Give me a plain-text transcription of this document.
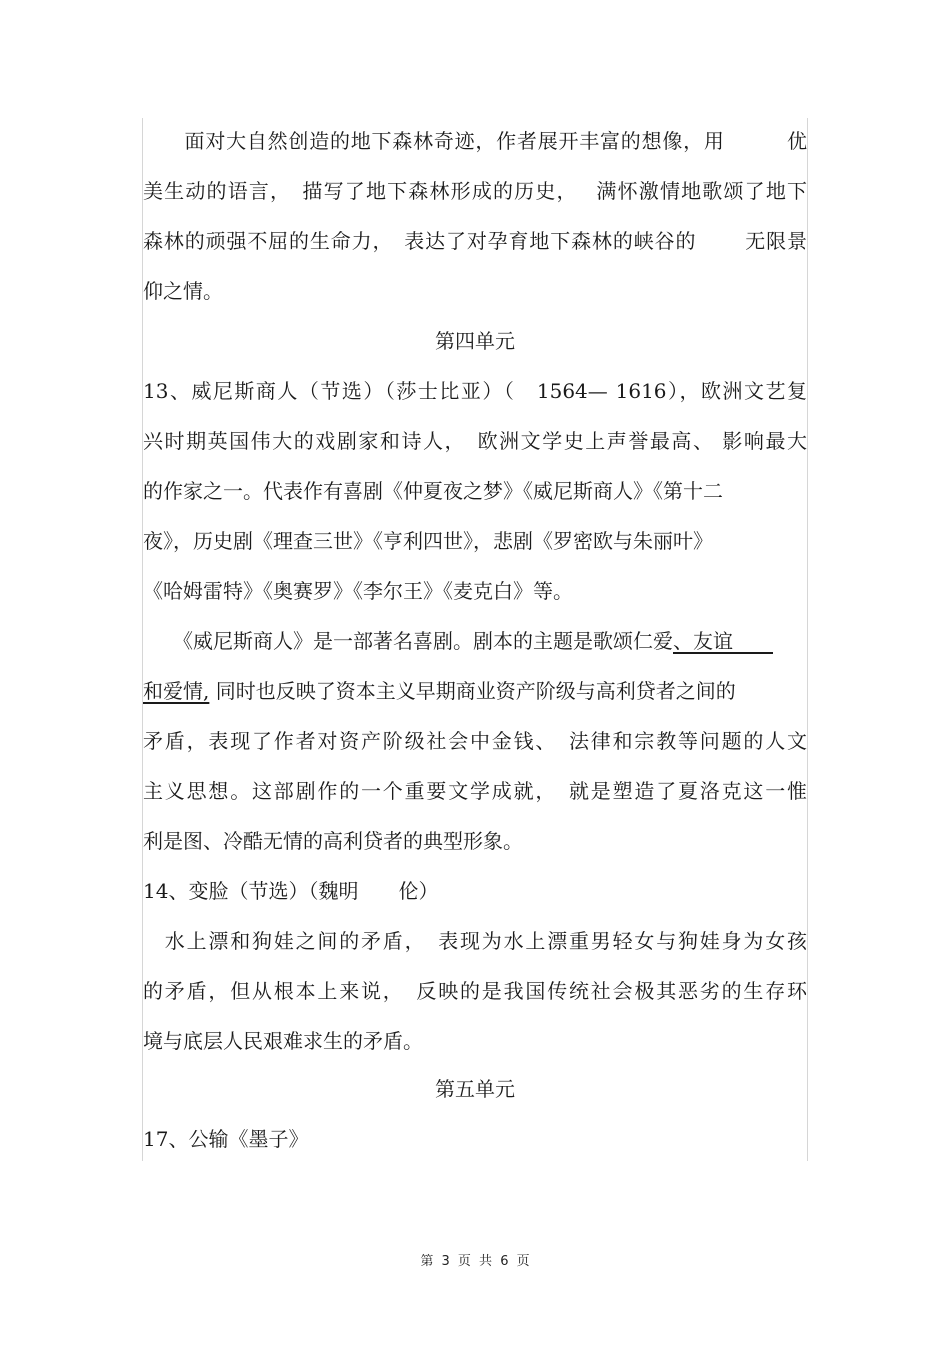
　　面对大自然创造的地下森林奇迹，作者展开丰富的想像，用　　　优
美生动的语言，　描写了地下森林形成的历史，　 满怀激情地歌颂了地下
森林的顽强不屈的生命力，　表达了对孕育地下森林的峡谷的　　 无限景
仰之情。
第四单元
13、威尼斯商人（节选）（莎士比亚）（　1564— 1616），欧洲文艺复
兴时期英国伟大的戏剧家和诗人，　欧洲文学史上声誉最高、 影响最大
的作家之一。代表作有喜剧《仲夏夜之梦》《威尼斯商人》《第十二
夜》，历史剧《理查三世》《亨利四世》，悲剧《罗密欧与朱丽叶》
《哈姆雷特》《奥赛罗》《李尔王》《麦克白》等。
　　《威尼斯商人》是一部著名喜剧。剧本的主题是歌颂仁爱、友谊　　
和爱情, 同时也反映了资本主义早期商业资产阶级与高利贷者之间的
矛盾，表现了作者对资产阶级社会中金钱、　法律和宗教等问题的人文
主义思想。这部剧作的一个重要文学成就，　就是塑造了夏洛克这一惟
利是图、冷酷无情的高利贷者的典型形象。
14、变脸（节选）（魏明　　伦）
　水上漂和狗娃之间的矛盾，　表现为水上漂重男轻女与狗娃身为女孩
的矛盾，但从根本上来说，　反映的是我国传统社会极其恶劣的生存环
境与底层人民艰难求生的矛盾。
第五单元
17、公输《墨子》
第 3 页 共 6 页
